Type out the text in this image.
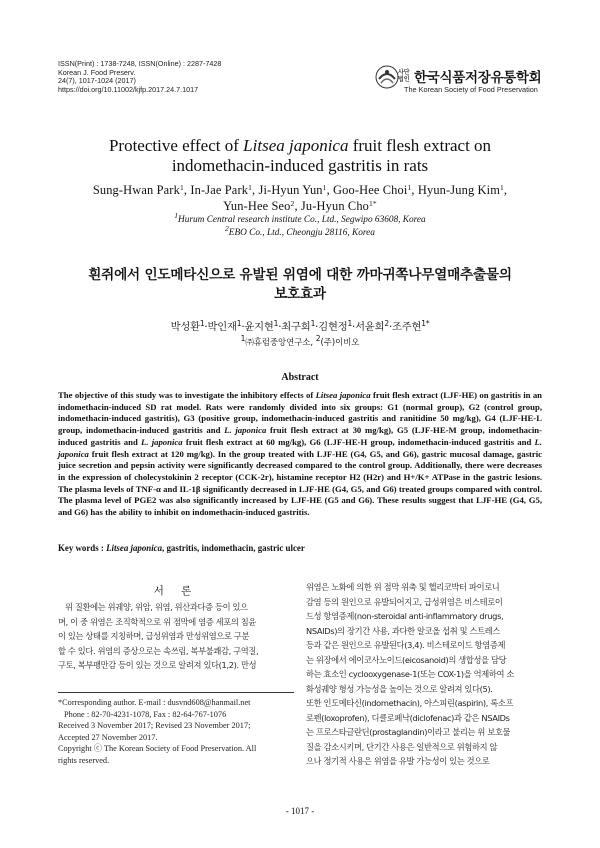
ISSN(Print) : 1738-7248, ISSN(Online) : 2287-7428
Korean J. Food Preserv.
24(7), 1017-1024 (2017)
https://doi.org/10.11002/kjfp.2017.24.7.1017
사단 법인 한국식품저장유통학회
The Korean Society of Food Preservation
Protective effect of Litsea japonica fruit flesh extract on
indomethacin-induced gastritis in rats
Sung-Hwan Park$^1$, In-Jae Park$^1$, Ji-Hyun Yun$^1$, Goo-Hee Choi$^1$, Hyun-Jung Kim$^1$,
Yun-Hee Seo$^2$, Ju-Hyun Cho$^{1*}$
$^1$Hurum Central research institute Co., Ltd., Segwipo 63608, Korea
$^2$EBO Co., Ltd., Cheongju 28116, Korea
흰쥐에서 인도메타신으로 유발된 위염에 대한 까마귀쪽나무열매추출물의
보호효과
박성환$^1$·박인재$^1$·윤지현$^1$·최구희$^1$·김현정$^1$·서윤희$^2$·조주현$^{1*}$
$^1$㈜휴럼중앙연구소, $^2$(주)이비오
Abstract
The objective of this study was to investigate the inhibitory effects of Litsea japonica fruit flesh extract (LJF-HE) on gastritis in an indomethacin-induced SD rat model. Rats were randomly divided into six groups: G1 (normal group), G2 (control group, indomethacin-induced gastritis), G3 (positive group, indomethacin-induced gastritis and ranitidine 50 mg/kg), G4 (LJF-HE-L group, indomethacin-induced gastritis and L. japonica fruit flesh extract at 30 mg/kg), G5 (LJF-HE-M group, indomethacin-induced gastritis and L. japonica fruit flesh extract at 60 mg/kg), G6 (LJF-HE-H group, indomethacin-induced gastritis and L. japonica fruit flesh extract at 120 mg/kg). In the group treated with LJF-HE (G4, G5, and G6), gastric mucosal damage, gastric juice secretion and pepsin activity were significantly decreased compared to the control group. Additionally, there were decreases in the expression of cholecystokinin 2 receptor (CCK-2r), histamine receptor H2 (H2r) and H+/K+ ATPase in the gastric lesions. The plasma levels of TNF-α and IL-1β significantly decreased in LJF-HE (G4, G5, and G6) treated groups compared with control. The plasma level of PGE2 was also significantly increased by LJF-HE (G5 and G6). These results suggest that LJF-HE (G4, G5, and G6) has the ability to inhibit on indomethacin-induced gastritis.
Key words : Litsea japonica, gastritis, indomethacin, gastric ulcer
서 론
위 질환에는 위궤양, 위암, 위염, 위산과다증 등이 있으
며, 이 중 위염은 조직학적으로 위 점막에 염증 세포의 침윤
이 있는 상태를 지칭하며, 급성위염과 만성위염으로 구분
할 수 있다. 위염의 증상으로는 속쓰림, 복부불쾌감, 구역질,
구토, 복부팽만감 등이 있는 것으로 알려져 있다(1,2). 만성
*Corresponding author. E-mail : dusvnd608@hanmail.net
Phone : 82-70-4231-1078, Fax : 82-64-767-1076
Received 3 November 2017; Revised 23 November 2017;
Accepted 27 November 2017.
Copyright ⓒ The Korean Society of Food Preservation. All
rights reserved.
위염은 노화에 의한 위 점막 위축 및 헬리코박터 파이로니
감염 등의 원인으로 유발되어지고, 급성위염은 비스테로이
드성 항염증제(non-steroidal anti-inflammatory drugs,
NSAIDs)의 장기간 사용, 과다한 알코올 섭취 및 스트레스
등과 같은 원인으로 유발된다(3,4). 비스테로이드 항염증제
는 위장에서 에이코사노이드(eicosanoid)의 생합성을 담당
하는 효소인 cyclooxygenase-1(또는 COX-1)을 억제하여 소
화성궤양 형성 가능성을 높이는 것으로 알려져 있다(5).
또한 인도메타신(indomethacin), 아스피린(aspirin), 록소프
로펜(loxoprofen), 디클로페낙(diclofenac)과 같은 NSAIDs
는 프로스타글란딘(prostaglandin)이라고 불리는 위 보호물
질을 감소시키며, 단기간 사용은 일반적으로 위험하지 않
으나 정기적 사용은 위염을 유발 가능성이 있는 것으로
- 1017 -
